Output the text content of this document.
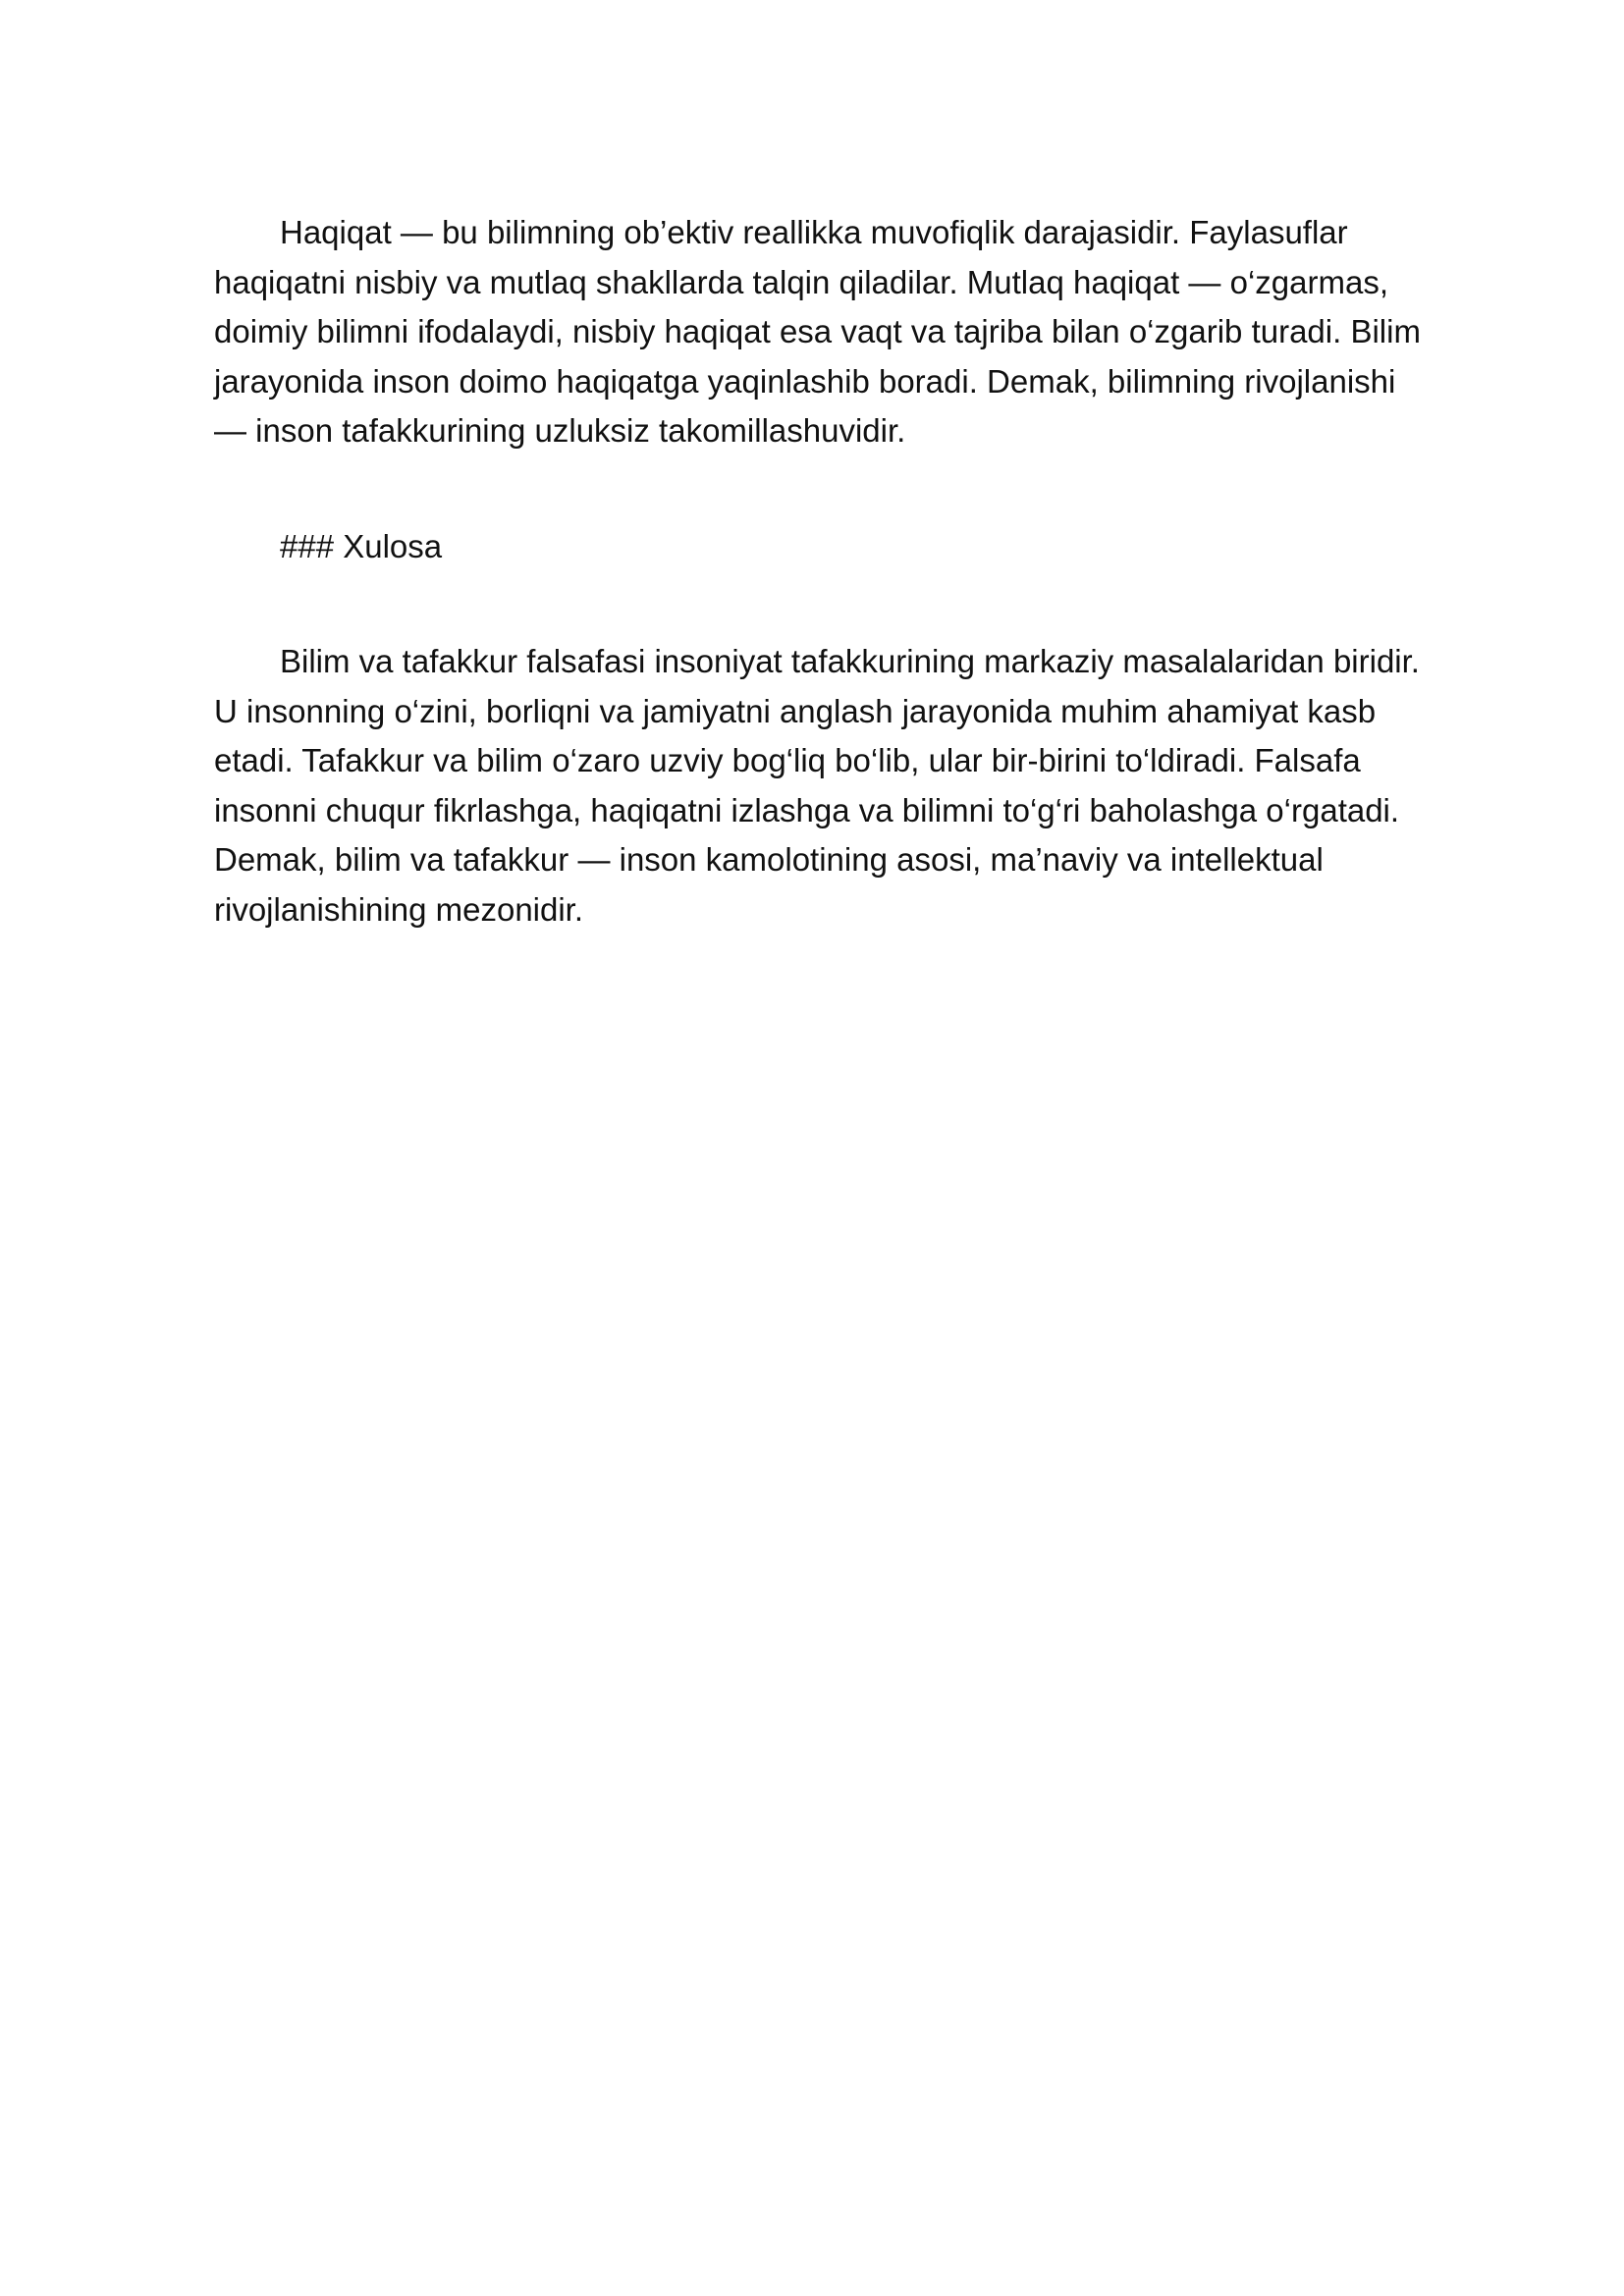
Haqiqat — bu bilimning ob’ektiv reallikka muvofiqlik darajasidir. Faylasuflar haqiqatni nisbiy va mutlaq shakllarda talqin qiladilar. Mutlaq haqiqat — o‘zgarmas, doimiy bilimni ifodalaydi, nisbiy haqiqat esa vaqt va tajriba bilan o‘zgarib turadi. Bilim jarayonida inson doimo haqiqatga yaqinlashib boradi. Demak, bilimning rivojlanishi — inson tafakkurining uzluksiz takomillashuvidir.

### Xulosa

Bilim va tafakkur falsafasi insoniyat tafakkurining markaziy masalalaridan biridir. U insonning o‘zini, borliqni va jamiyatni anglash jarayonida muhim ahamiyat kasb etadi. Tafakkur va bilim o‘zaro uzviy bog‘liq bo‘lib, ular bir-birini to‘ldiradi. Falsafa insonni chuqur fikrlashga, haqiqatni izlashga va bilimni to‘g‘ri baholashga o‘rgatadi. Demak, bilim va tafakkur — inson kamolotining asosi, ma’naviy va intellektual rivojlanishining mezonidir.
